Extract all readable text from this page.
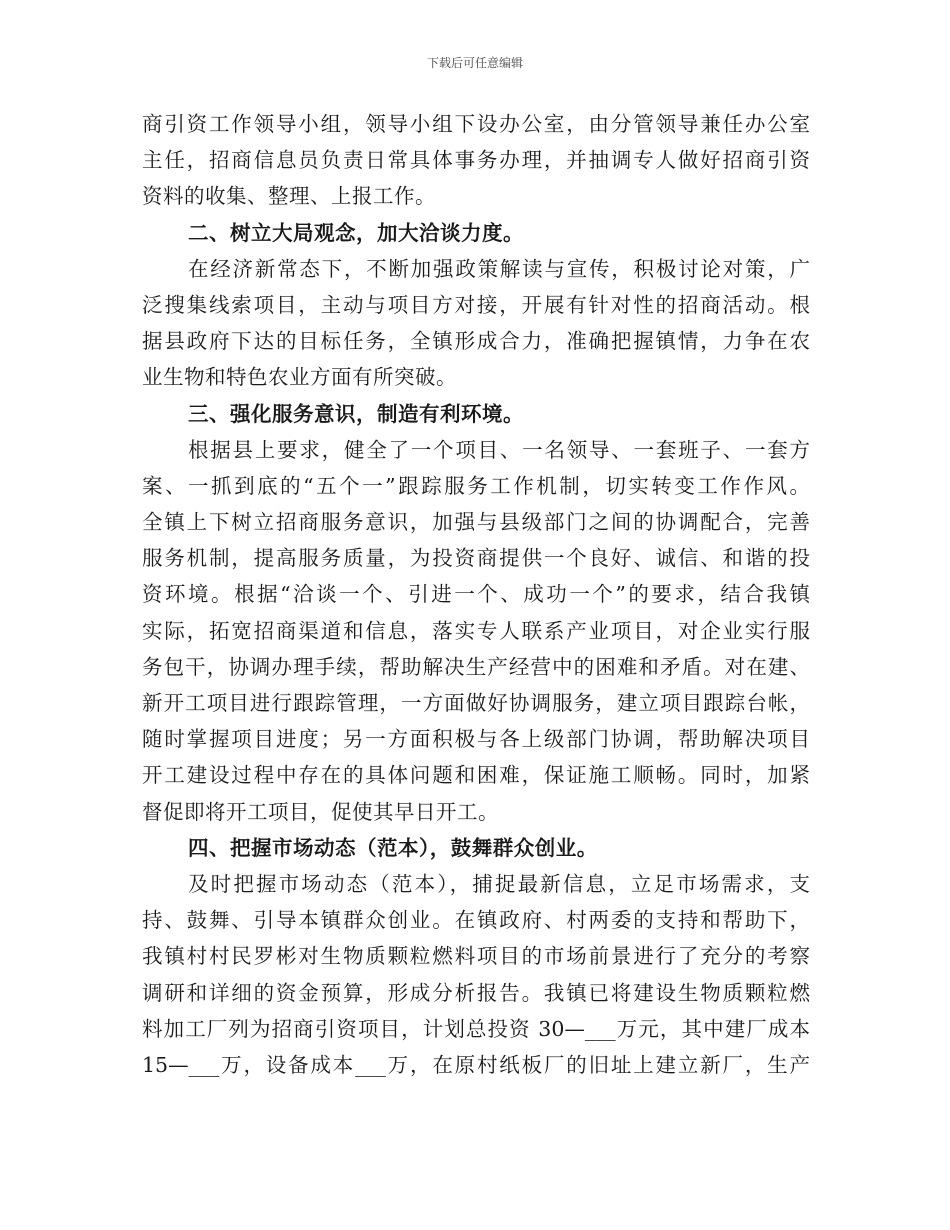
下载后可任意编辑
商引资工作领导小组，领导小组下设办公室，由分管领导兼任办公室
主任，招商信息员负责日常具体事务办理，并抽调专人做好招商引资
资料的收集、整理、上报工作。
二、树立大局观念，加大洽谈力度。
在经济新常态下，不断加强政策解读与宣传，积极讨论对策，广
泛搜集线索项目，主动与项目方对接，开展有针对性的招商活动。根
据县政府下达的目标任务，全镇形成合力，准确把握镇情，力争在农
业生物和特色农业方面有所突破。
三、强化服务意识，制造有利环境。
根据县上要求，健全了一个项目、一名领导、一套班子、一套方
案、一抓到底的“五个一”跟踪服务工作机制，切实转变工作作风。
全镇上下树立招商服务意识，加强与县级部门之间的协调配合，完善
服务机制，提高服务质量，为投资商提供一个良好、诚信、和谐的投
资环境。根据“洽谈一个、引进一个、成功一个”的要求，结合我镇
实际，拓宽招商渠道和信息，落实专人联系产业项目，对企业实行服
务包干，协调办理手续，帮助解决生产经营中的困难和矛盾。对在建、
新开工项目进行跟踪管理，一方面做好协调服务，建立项目跟踪台帐，
随时掌握项目进度；另一方面积极与各上级部门协调，帮助解决项目
开工建设过程中存在的具体问题和困难，保证施工顺畅。同时，加紧
督促即将开工项目，促使其早日开工。
四、把握市场动态（范本），鼓舞群众创业。
及时把握市场动态（范本），捕捉最新信息，立足市场需求，支
持、鼓舞、引导本镇群众创业。在镇政府、村两委的支持和帮助下，
我镇村村民罗彬对生物质颗粒燃料项目的市场前景进行了充分的考察
调研和详细的资金预算，形成分析报告。我镇已将建设生物质颗粒燃
料加工厂列为招商引资项目，计划总投资 30—___万元，其中建厂成本
15—___万，设备成本___万，在原村纸板厂的旧址上建立新厂，生产
